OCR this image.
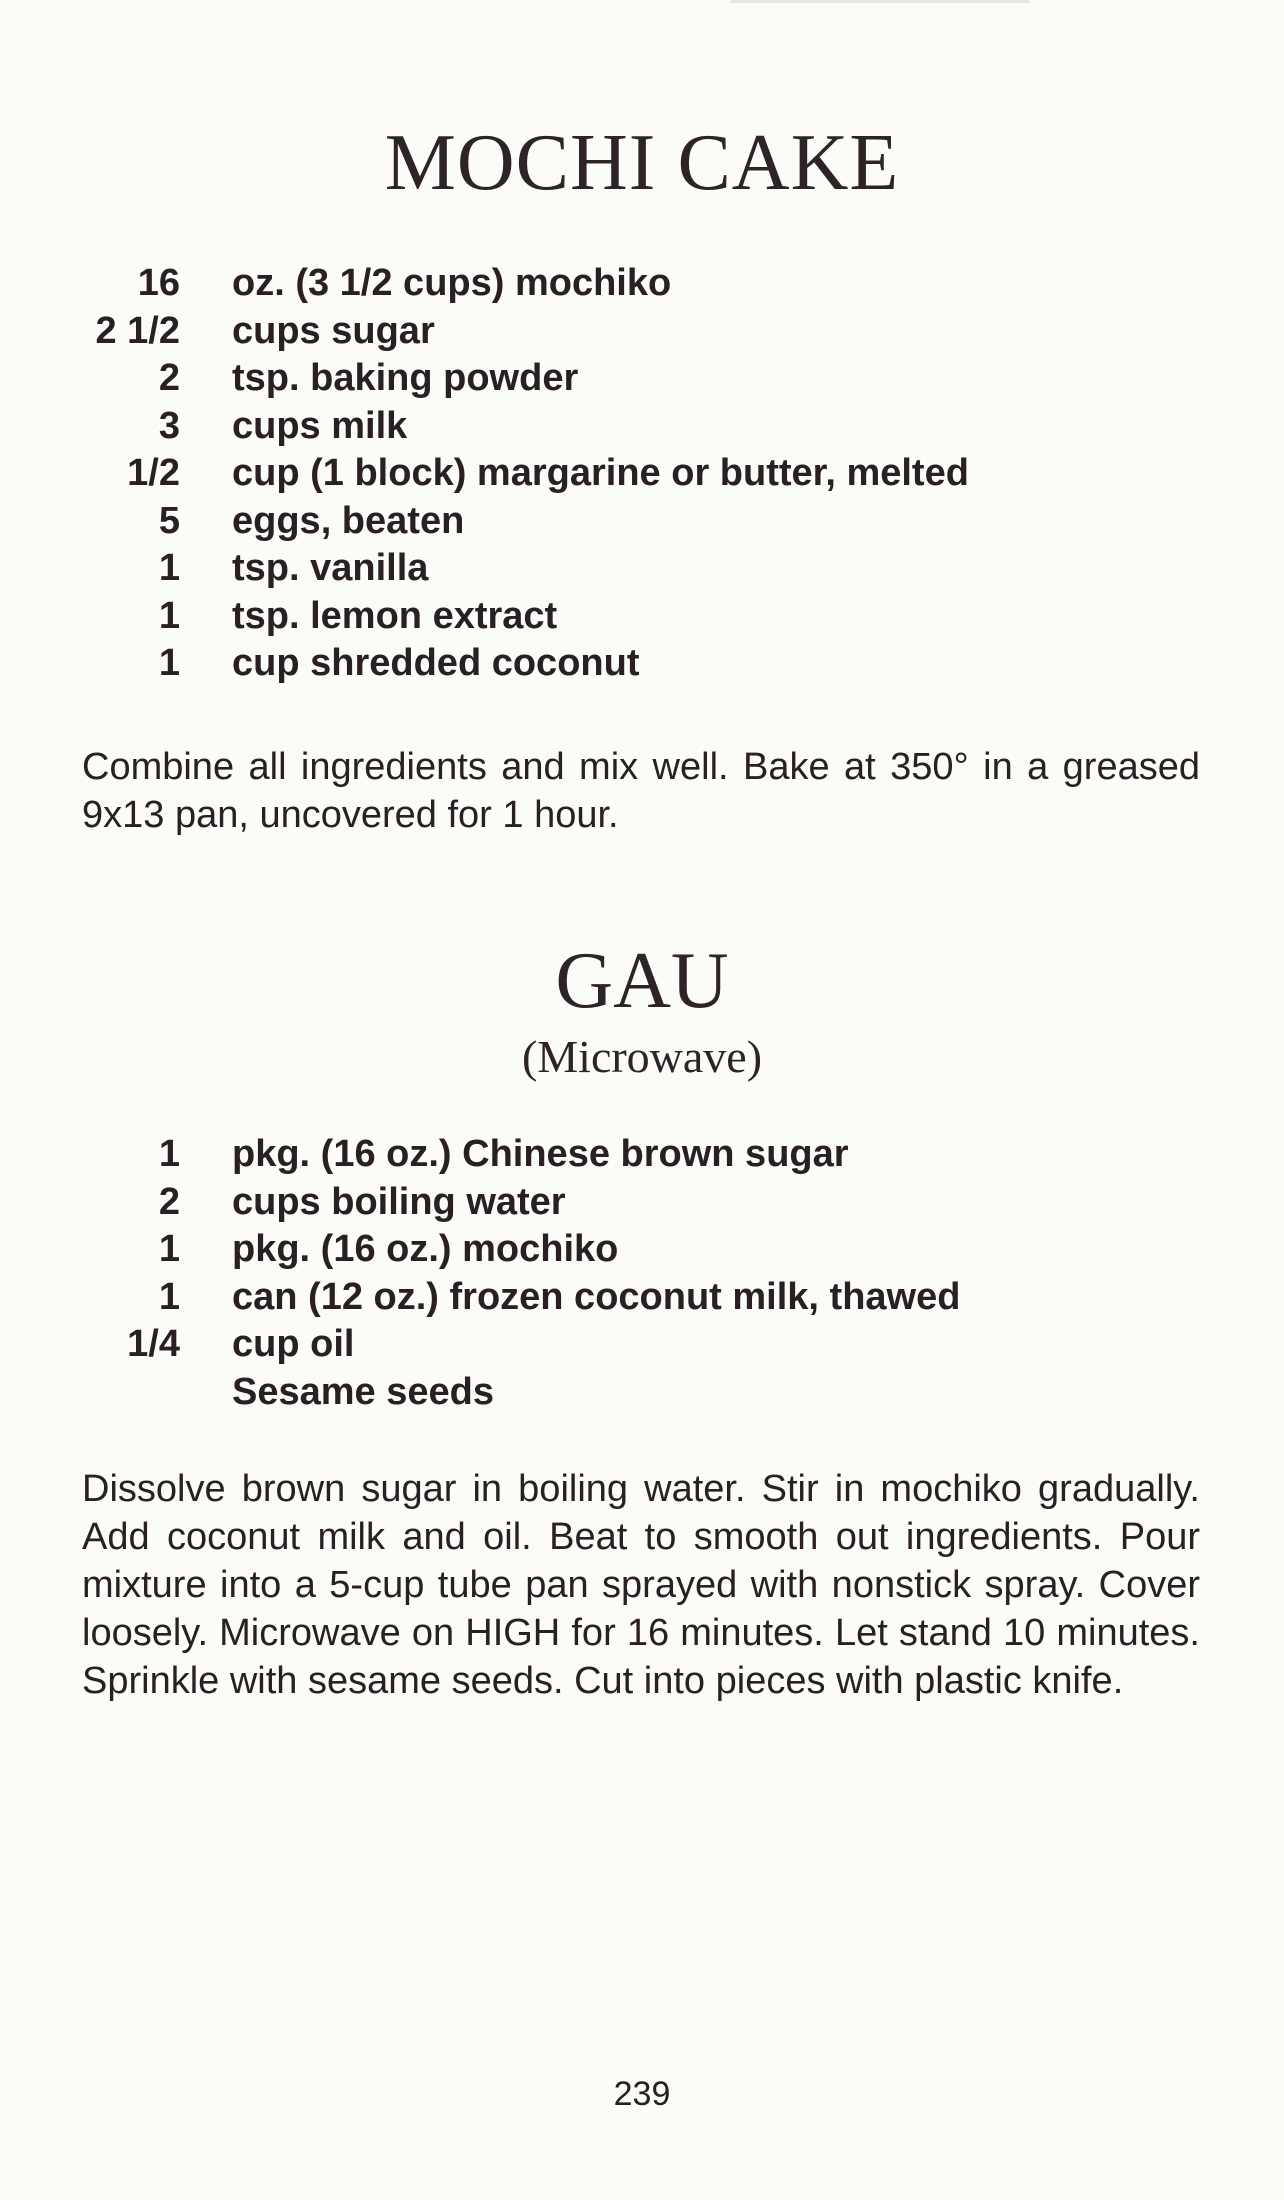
MOCHI CAKE
16	oz. (3 1/2 cups) mochiko
2 1/2	cups sugar
2	tsp. baking powder
3	cups milk
1/2	cup (1 block) margarine or butter, melted
5	eggs, beaten
1	tsp. vanilla
1	tsp. lemon extract
1	cup shredded coconut

Combine all ingredients and mix well. Bake at 350° in a greased 9x13 pan, uncovered for 1 hour.

GAU
(Microwave)
1	pkg. (16 oz.) Chinese brown sugar
2	cups boiling water
1	pkg. (16 oz.) mochiko
1	can (12 oz.) frozen coconut milk, thawed
1/4	cup oil
Sesame seeds

Dissolve brown sugar in boiling water. Stir in mochiko gradually. Add coconut milk and oil. Beat to smooth out ingredients. Pour mixture into a 5-cup tube pan sprayed with nonstick spray. Cover loosely. Microwave on HIGH for 16 minutes. Let stand 10 minutes. Sprinkle with sesame seeds. Cut into pieces with plastic knife.

239
